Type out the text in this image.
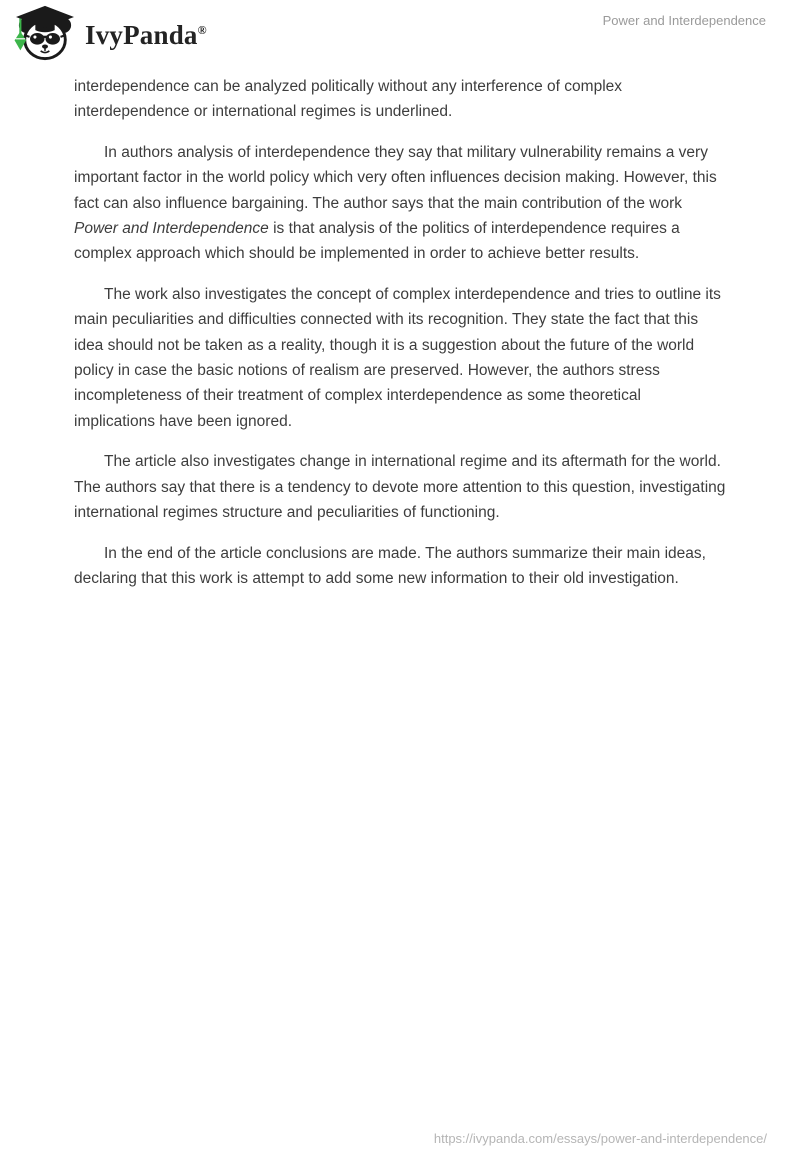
IvyPanda®
Power and Interdependence

interdependence can be analyzed politically without any interference of complex interdependence or international regimes is underlined.

In authors analysis of interdependence they say that military vulnerability remains a very important factor in the world policy which very often influences decision making. However, this fact can also influence bargaining. The author says that the main contribution of the work Power and Interdependence is that analysis of the politics of interdependence requires a complex approach which should be implemented in order to achieve better results.

The work also investigates the concept of complex interdependence and tries to outline its main peculiarities and difficulties connected with its recognition. They state the fact that this idea should not be taken as a reality, though it is a suggestion about the future of the world policy in case the basic notions of realism are preserved. However, the authors stress incompleteness of their treatment of complex interdependence as some theoretical implications have been ignored.

The article also investigates change in international regime and its aftermath for the world. The authors say that there is a tendency to devote more attention to this question, investigating international regimes structure and peculiarities of functioning.

In the end of the article conclusions are made. The authors summarize their main ideas, declaring that this work is attempt to add some new information to their old investigation.

https://ivypanda.com/essays/power-and-interdependence/
